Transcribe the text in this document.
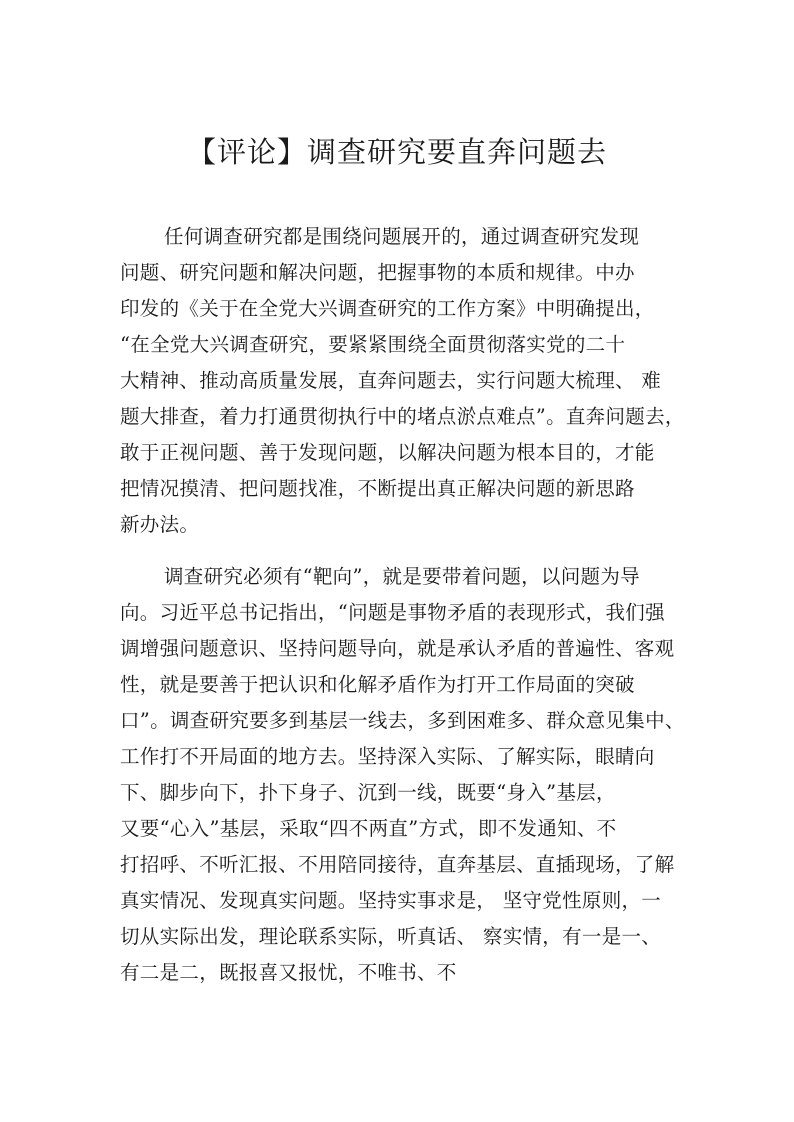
【评论】调查研究要直奔问题去
任何调查研究都是围绕问题展开的，通过调查研究发现
问题、研究问题和解决问题，把握事物的本质和规律。中办
印发的《关于在全党大兴调查研究的工作方案》中明确提出，
“在全党大兴调查研究，要紧紧围绕全面贯彻落实党的二十
大精神、推动高质量发展，直奔问题去，实行问题大梳理、 难
题大排查，着力打通贯彻执行中的堵点淤点难点”。直奔问题去，
敢于正视问题、善于发现问题，以解决问题为根本目的，才能
把情况摸清、把问题找准，不断提出真正解决问题的新思路
新办法。
调查研究必须有“靶向”，就是要带着问题，以问题为导
向。习近平总书记指出，“问题是事物矛盾的表现形式，我们强
调增强问题意识、坚持问题导向，就是承认矛盾的普遍性、客观
性，就是要善于把认识和化解矛盾作为打开工作局面的突破
口”。调查研究要多到基层一线去，多到困难多、群众意见集中、
工作打不开局面的地方去。坚持深入实际、了解实际，眼睛向
下、脚步向下，扑下身子、沉到一线，既要“身入”基层，
又要“心入”基层，采取“四不两直”方式，即不发通知、不
打招呼、不听汇报、不用陪同接待，直奔基层、直插现场，了解
真实情况、发现真实问题。坚持实事求是， 坚守党性原则，一
切从实际出发，理论联系实际，听真话、 察实情，有一是一、
有二是二，既报喜又报忧，不唯书、不
